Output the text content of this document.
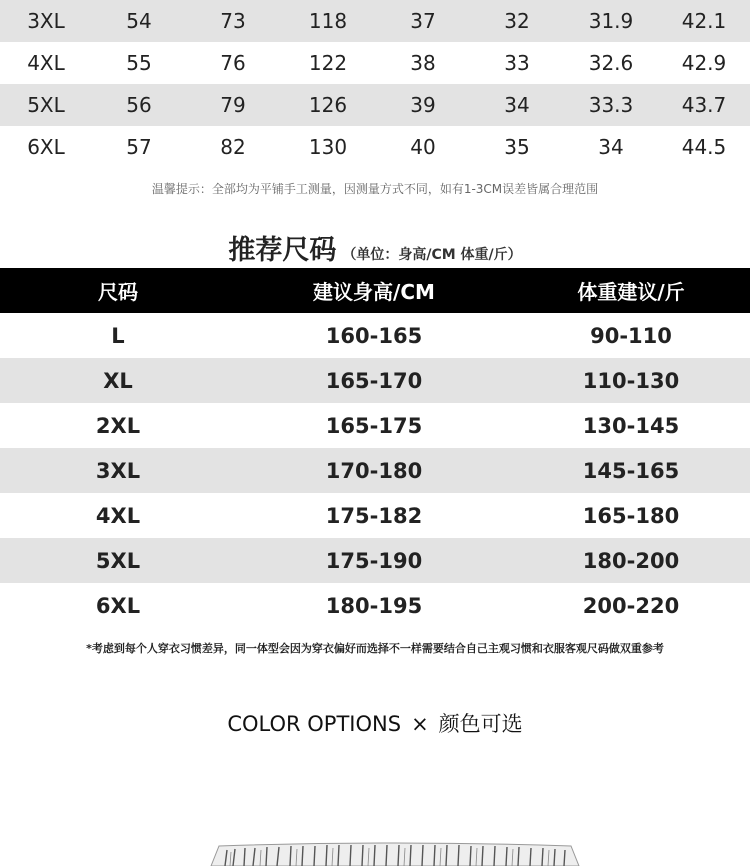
3XL	54	73	118	37	32	31.9	42.1
4XL	55	76	122	38	33	32.6	42.9
5XL	56	79	126	39	34	33.3	43.7
6XL	57	82	130	40	35	34	44.5
温馨提示：全部均为平铺手工测量，因测量方式不同，如有1-3CM误差皆属合理范围
推荐尺码 （单位：身高/CM 体重/斤）
尺码	建议身高/CM	体重建议/斤
L	160-165	90-110
XL	165-170	110-130
2XL	165-175	130-145
3XL	170-180	145-165
4XL	175-182	165-180
5XL	175-190	180-200
6XL	180-195	200-220
*考虑到每个人穿衣习惯差异，同一体型会因为穿衣偏好而选择不一样需要结合自己主观习惯和衣服客观尺码做双重参考
COLOR OPTIONS × 颜色可选
